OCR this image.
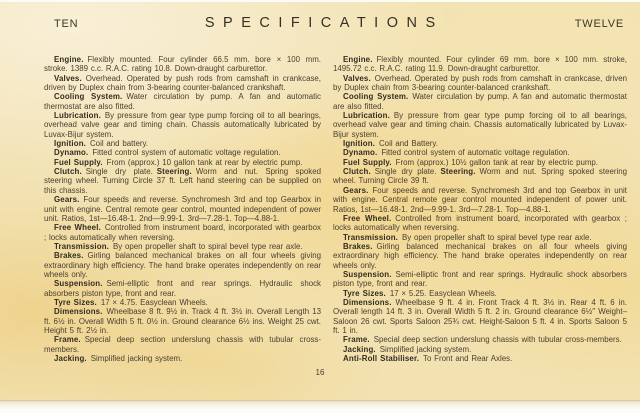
TEN	SPECIFICATIONS	TWELVE

Engine. Flexibly mounted. Four cylinder 66.5 mm. bore × 100 mm. stroke. 1389 c.c. R.A.C. rating 10.8. Down-draught carburettor.

Valves. Overhead. Operated by push rods from camshaft in crankcase, driven by Duplex chain from 3-bearing counter-balanced crankshaft.

Cooling System. Water circulation by pump. A fan and automatic thermostat are also fitted.

Lubrication. By pressure from gear type pump forcing oil to all bearings, overhead valve gear and timing chain. Chassis automatically lubricated by Luvax-Bijur system.

Ignition. Coil and battery.

Dynamo. Fitted control system of automatic voltage regulation.

Fuel Supply. From (approx.) 10 gallon tank at rear by electric pump.

Clutch. Single dry plate.  Steering. Worm and nut. Spring spoked steering wheel. Turning Circle 37 ft. Left hand steering can be supplied on this chassis.

Gears. Four speeds and reverse. Synchromesh 3rd and top Gearbox in unit with engine. Central remote gear control, mounted independent of power unit. Ratios, 1st—16.48-1. 2nd—9.99-1. 3rd—7.28-1. Top—4.88-1.

Free Wheel. Controlled from instrument board, incorporated with gearbox ; locks automatically when reversing.

Transmission. By open propeller shaft to spiral bevel type rear axle.

Brakes. Girling balanced mechanical brakes on all four wheels giving extraordinary high efficiency. The hand brake operates independently on rear wheels only.

Suspension. Semi-elliptic front and rear springs. Hydraulic shock absorbers piston type, front and rear.

Tyre Sizes. 17 × 4.75. Easyclean Wheels.

Dimensions. Wheelbase 8 ft. 9½ in. Track 4 ft. 3½ in. Overall Length 13 ft. 6½ in. Overall Width 5 ft. 0½ in. Ground clearance 6½ ins. Weight 25 cwt. Height 5 ft. 2½ in.

Frame. Special deep section underslung chassis with tubular cross-members.

Jacking. Simplified jacking system.

Engine. Flexibly mounted. Four cylinder 69 mm. bore × 100 mm. stroke, 1495.72 c.c. R.A.C. rating 11.9. Down-draught carburettor.

Valves. Overhead. Operated by push rods from camshaft in crankcase, driven by Duplex chain from 3-bearing counter-balanced crankshaft.

Cooling System. Water circulation by pump. A fan and automatic thermostat are also fitted.

Lubrication. By pressure from gear type pump forcing oil to all bearings, overhead valve gear and timing chain. Chassis automatically lubricated by Luvax-Bijur system.

Ignition. Coil and Battery.

Dynamo. Fitted control system of automatic voltage regulation.

Fuel Supply. From (approx.) 10½ gallon tank at rear by electric pump.

Clutch. Single dry plate.  Steering. Worm and nut. Spring spoked steering wheel. Turning Circle 39 ft.

Gears. Four speeds and reverse. Synchromesh 3rd and top Gearbox in unit with engine. Central remote gear control mounted independent of power unit. Ratios, 1st—16.48-1. 2nd—9.99-1. 3rd—7.28-1. Top—4.88-1.

Free Wheel. Controlled from instrument board, incorporated with gearbox ; locks automatically when reversing.

Transmission. By open propeller shaft to spiral bevel type rear axle.

Brakes. Girling balanced mechanical brakes on all four wheels giving extraordinary high efficiency. The hand brake operates independently on rear wheels only.

Suspension. Semi-elliptic front and rear springs. Hydraulic shock absorbers piston type, front and rear.

Tyre Sizes. 17 × 5.25. Easyclean Wheels.

Dimensions. Wheelbase 9 ft. 4 in. Front Track 4 ft. 3½ in. Rear 4 ft. 6 in. Overall length 14 ft. 3 in. Overall Width 5 ft. 2 in. Ground clearance 6½″ Weight–Saloon 26 cwt. Sports Saloon 25¾ cwt. Height-Saloon 5 ft. 4 in. Sports Saloon 5 ft. 1 in.

Frame. Special deep section underslung chassis with tubular cross-members.

Jacking. Simplified jacking system.

Anti-Roll Stabiliser. To Front and Rear Axles.

16
